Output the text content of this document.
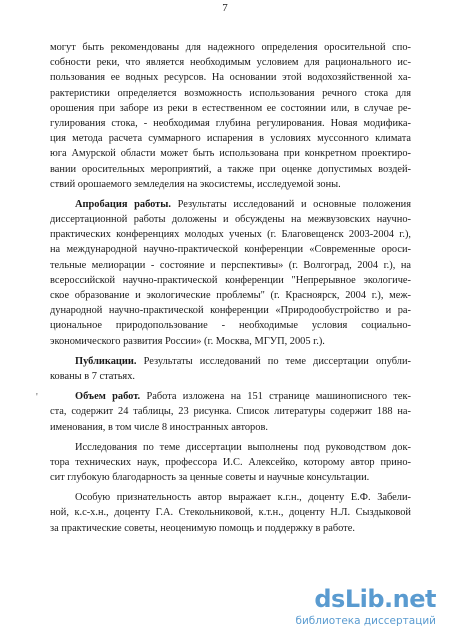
7
могут быть рекомендованы для надежного определения оросительной спо-
собности реки, что является необходимым условием для рационального ис-
пользования ее водных ресурсов. На основании этой водохозяйственной ха-
рактеристики определяется возможность использования речного стока для
орошения при заборе из реки в естественном ее состоянии или, в случае ре-
гулирования стока, - необходимая глубина регулирования. Новая модифика-
ция метода расчета суммарного испарения в условиях муссонного климата
юга Амурской области может быть использована при конкретном проектиро-
вании оросительных мероприятий, а также при оценке допустимых воздей-
ствий орошаемого земледелия на экосистемы, исследуемой зоны.
Апробация работы. Результаты исследований и основные положения
диссертационной работы доложены и обсуждены на межвузовских научно-
практических конференциях молодых ученых (г. Благовещенск 2003-2004 г.),
на международной научно-практической конференции «Современные ороси-
тельные мелиорации - состояние и перспективы» (г. Волгоград, 2004 г.), на
всероссийской научно-практической конференции "Непрерывное экологиче-
ское образование и экологические проблемы" (г. Красноярск, 2004 г.), меж-
дународной научно-практической конференции «Природообустройство и ра-
циональное природопользование - необходимые условия социально-
экономического развития России» (г. Москва, МГУП, 2005 г.).
Публикации. Результаты исследований по теме диссертации опубли-
кованы в 7 статьях.
Объем работ. Работа изложена на 151 странице машинописного тек-
ста, содержит 24 таблицы, 23 рисунка. Список литературы содержит 188 на-
именования, в том числе 8 иностранных авторов.
Исследования по теме диссертации выполнены под руководством док-
тора технических наук, профессора И.С. Алексейко, которому автор прино-
сит глубокую благодарность за ценные советы и научные консультации.
Особую признательность автор выражает к.г.н., доценту Е.Ф. Забели-
ной, к.с-х.н., доценту Г.А. Стекольниковой, к.т.н., доценту Н.Л. Сыздыковой
за практические советы, неоценимую помощь и поддержку в работе.
'
dsLib.net
библиотека диссертаций
